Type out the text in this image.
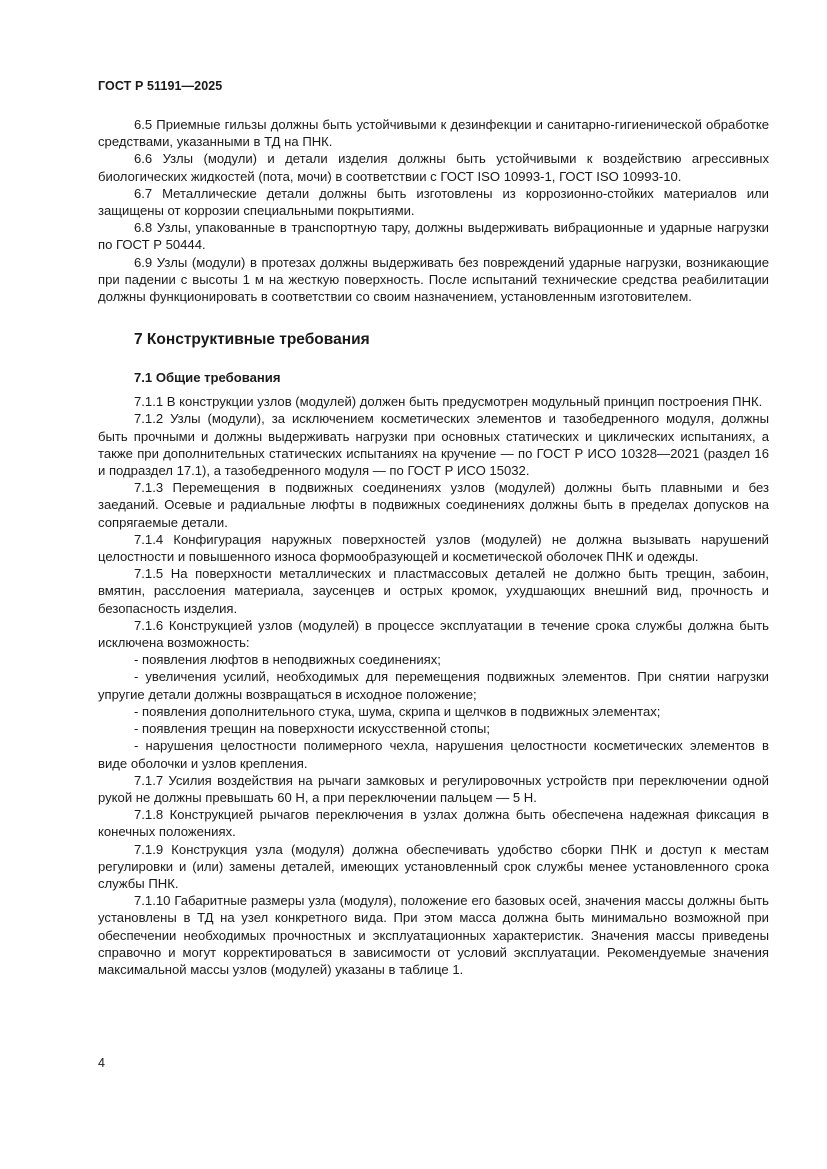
ГОСТ Р 51191—2025

6.5 Приемные гильзы должны быть устойчивыми к дезинфекции и санитарно-гигиенической обработке средствами, указанными в ТД на ПНК.

6.6 Узлы (модули) и детали изделия должны быть устойчивыми к воздействию агрессивных биологических жидкостей (пота, мочи) в соответствии с ГОСТ ISO 10993-1, ГОСТ ISO 10993-10.

6.7 Металлические детали должны быть изготовлены из коррозионно-стойких материалов или защищены от коррозии специальными покрытиями.

6.8 Узлы, упакованные в транспортную тару, должны выдерживать вибрационные и ударные нагрузки по ГОСТ Р 50444.

6.9 Узлы (модули) в протезах должны выдерживать без повреждений ударные нагрузки, возникающие при падении с высоты 1 м на жесткую поверхность. После испытаний технические средства реабилитации должны функционировать в соответствии со своим назначением, установленным изготовителем.

7 Конструктивные требования
7.1 Общие требования

7.1.1 В конструкции узлов (модулей) должен быть предусмотрен модульный принцип построения ПНК.

7.1.2 Узлы (модули), за исключением косметических элементов и тазобедренного модуля, должны быть прочными и должны выдерживать нагрузки при основных статических и циклических испытаниях, а также при дополнительных статических испытаниях на кручение — по ГОСТ Р ИСО 10328—2021 (раздел 16 и подраздел 17.1), а тазобедренного модуля — по ГОСТ Р ИСО 15032.

7.1.3 Перемещения в подвижных соединениях узлов (модулей) должны быть плавными и без заеданий. Осевые и радиальные люфты в подвижных соединениях должны быть в пределах допусков на сопрягаемые детали.

7.1.4 Конфигурация наружных поверхностей узлов (модулей) не должна вызывать нарушений целостности и повышенного износа формообразующей и косметической оболочек ПНК и одежды.

7.1.5 На поверхности металлических и пластмассовых деталей не должно быть трещин, забоин, вмятин, расслоения материала, заусенцев и острых кромок, ухудшающих внешний вид, прочность и безопасность изделия.

7.1.6 Конструкцией узлов (модулей) в процессе эксплуатации в течение срока службы должна быть исключена возможность:

- появления люфтов в неподвижных соединениях;

- увеличения усилий, необходимых для перемещения подвижных элементов. При снятии нагрузки упругие детали должны возвращаться в исходное положение;

- появления дополнительного стука, шума, скрипа и щелчков в подвижных элементах;

- появления трещин на поверхности искусственной стопы;

- нарушения целостности полимерного чехла, нарушения целостности косметических элементов в виде оболочки и узлов крепления.

7.1.7 Усилия воздействия на рычаги замковых и регулировочных устройств при переключении одной рукой не должны превышать 60 Н, а при переключении пальцем — 5 Н.

7.1.8 Конструкцией рычагов переключения в узлах должна быть обеспечена надежная фиксация в конечных положениях.

7.1.9 Конструкция узла (модуля) должна обеспечивать удобство сборки ПНК и доступ к местам регулировки и (или) замены деталей, имеющих установленный срок службы менее установленного срока службы ПНК.

7.1.10 Габаритные размеры узла (модуля), положение его базовых осей, значения массы должны быть установлены в ТД на узел конкретного вида. При этом масса должна быть минимально возможной при обеспечении необходимых прочностных и эксплуатационных характеристик. Значения массы приведены справочно и могут корректироваться в зависимости от условий эксплуатации. Рекомендуемые значения максимальной массы узлов (модулей) указаны в таблице 1.

4
